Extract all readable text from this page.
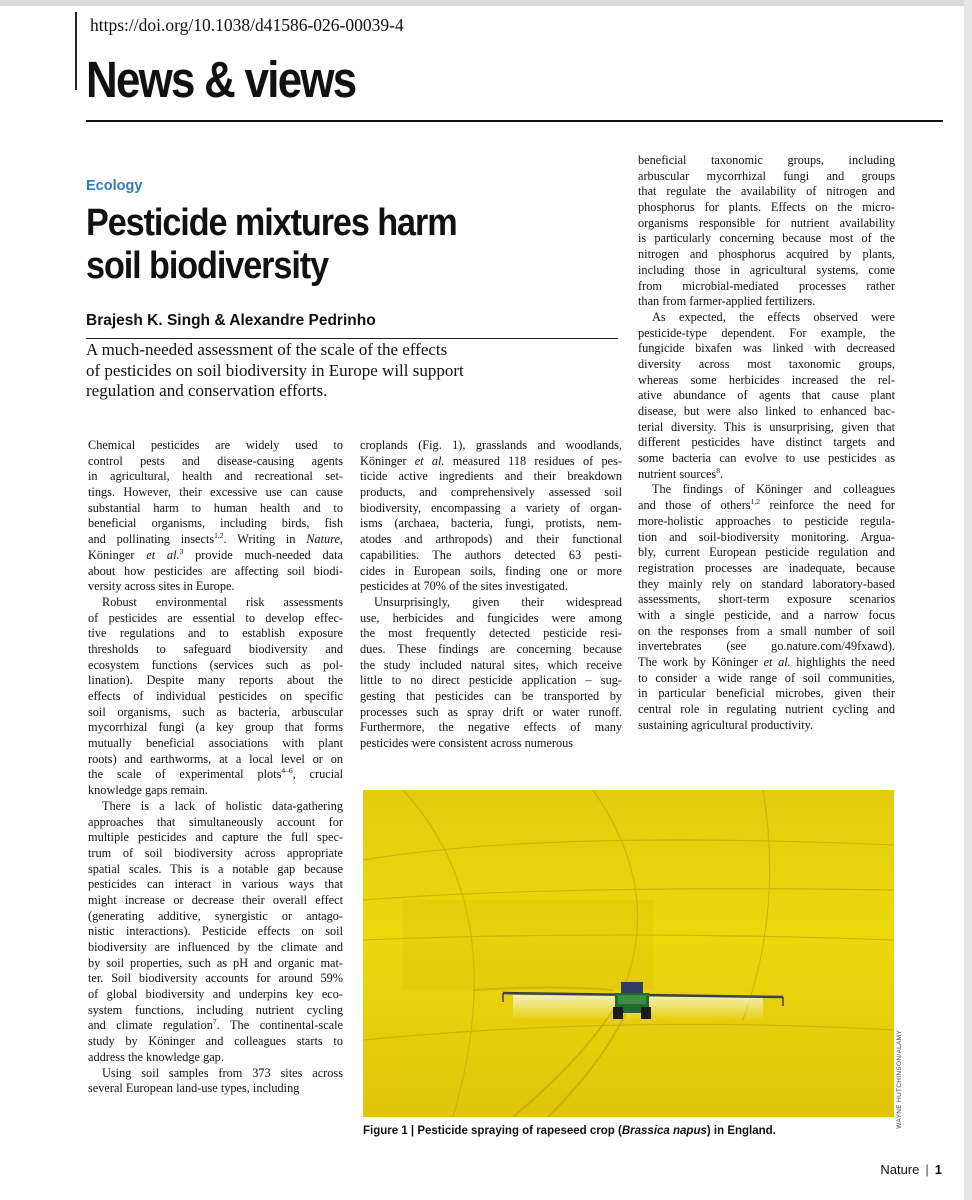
https://doi.org/10.1038/d41586-026-00039-4
News & views
Ecology
Pesticide mixtures harm
soil biodiversity
Brajesh K. Singh & Alexandre Pedrinho
A much-needed assessment of the scale of the effects
of pesticides on soil biodiversity in Europe will support
regulation and conservation efforts.
Chemical pesticides are widely used to
control pests and disease-causing agents
in agricultural, health and recreational set-
tings. However, their excessive use can cause
substantial harm to human health and to
beneficial organisms, including birds, fish
and pollinating insects$^{1,2}$. Writing in Nature,
Köninger et al.$^3$ provide much-needed data
about how pesticides are affecting soil biodi-
versity across sites in Europe.
Robust environmental risk assessments
of pesticides are essential to develop effec-
tive regulations and to establish exposure
thresholds to safeguard biodiversity and
ecosystem functions (services such as pol-
lination). Despite many reports about the
effects of individual pesticides on specific
soil organisms, such as bacteria, arbuscular
mycorrhizal fungi (a key group that forms
mutually beneficial associations with plant
roots) and earthworms, at a local level or on
the scale of experimental plots$^{4-6}$, crucial
knowledge gaps remain.
There is a lack of holistic data-gathering
approaches that simultaneously account for
multiple pesticides and capture the full spec-
trum of soil biodiversity across appropriate
spatial scales. This is a notable gap because
pesticides can interact in various ways that
might increase or decrease their overall effect
(generating additive, synergistic or antago-
nistic interactions). Pesticide effects on soil
biodiversity are influenced by the climate and
by soil properties, such as pH and organic mat-
ter. Soil biodiversity accounts for around 59%
of global biodiversity and underpins key eco-
system functions, including nutrient cycling
and climate regulation$^7$. The continental-scale
study by Köninger and colleagues starts to
address the knowledge gap.
Using soil samples from 373 sites across
several European land-use types, including
croplands (Fig. 1), grasslands and woodlands,
Köninger et al. measured 118 residues of pes-
ticide active ingredients and their breakdown
products, and comprehensively assessed soil
biodiversity, encompassing a variety of organ-
isms (archaea, bacteria, fungi, protists, nem-
atodes and arthropods) and their functional
capabilities. The authors detected 63 pesti-
cides in European soils, finding one or more
pesticides at 70% of the sites investigated.
Unsurprisingly, given their widespread
use, herbicides and fungicides were among
the most frequently detected pesticide resi-
dues. These findings are concerning because
the study included natural sites, which receive
little to no direct pesticide application – sug-
gesting that pesticides can be transported by
processes such as spray drift or water runoff.
Furthermore, the negative effects of many
pesticides were consistent across numerous
beneficial taxonomic groups, including
arbuscular mycorrhizal fungi and groups
that regulate the availability of nitrogen and
phosphorus for plants. Effects on the micro-
organisms responsible for nutrient availability
is particularly concerning because most of the
nitrogen and phosphorus acquired by plants,
including those in agricultural systems, come
from microbial-mediated processes rather
than from farmer-applied fertilizers.
As expected, the effects observed were
pesticide-type dependent. For example, the
fungicide bixafen was linked with decreased
diversity across most taxonomic groups,
whereas some herbicides increased the rel-
ative abundance of agents that cause plant
disease, but were also linked to enhanced bac-
terial diversity. This is unsurprising, given that
different pesticides have distinct targets and
some bacteria can evolve to use pesticides as
nutrient sources$^8$.
The findings of Köninger and colleagues
and those of others$^{1,2}$ reinforce the need for
more-holistic approaches to pesticide regula-
tion and soil-biodiversity monitoring. Argua-
bly, current European pesticide regulation and
registration processes are inadequate, because
they mainly rely on standard laboratory-based
assessments, short-term exposure scenarios
with a single pesticide, and a narrow focus
on the responses from a small number of soil
invertebrates (see go.nature.com/49fxawd).
The work by Köninger et al. highlights the need
to consider a wide range of soil communities,
in particular beneficial microbes, given their
central role in regulating nutrient cycling and
sustaining agricultural productivity.
WAYNE HUTCHINSON/ALAMY
Figure 1 | Pesticide spraying of rapeseed crop (Brassica napus) in England.
Nature | 1
